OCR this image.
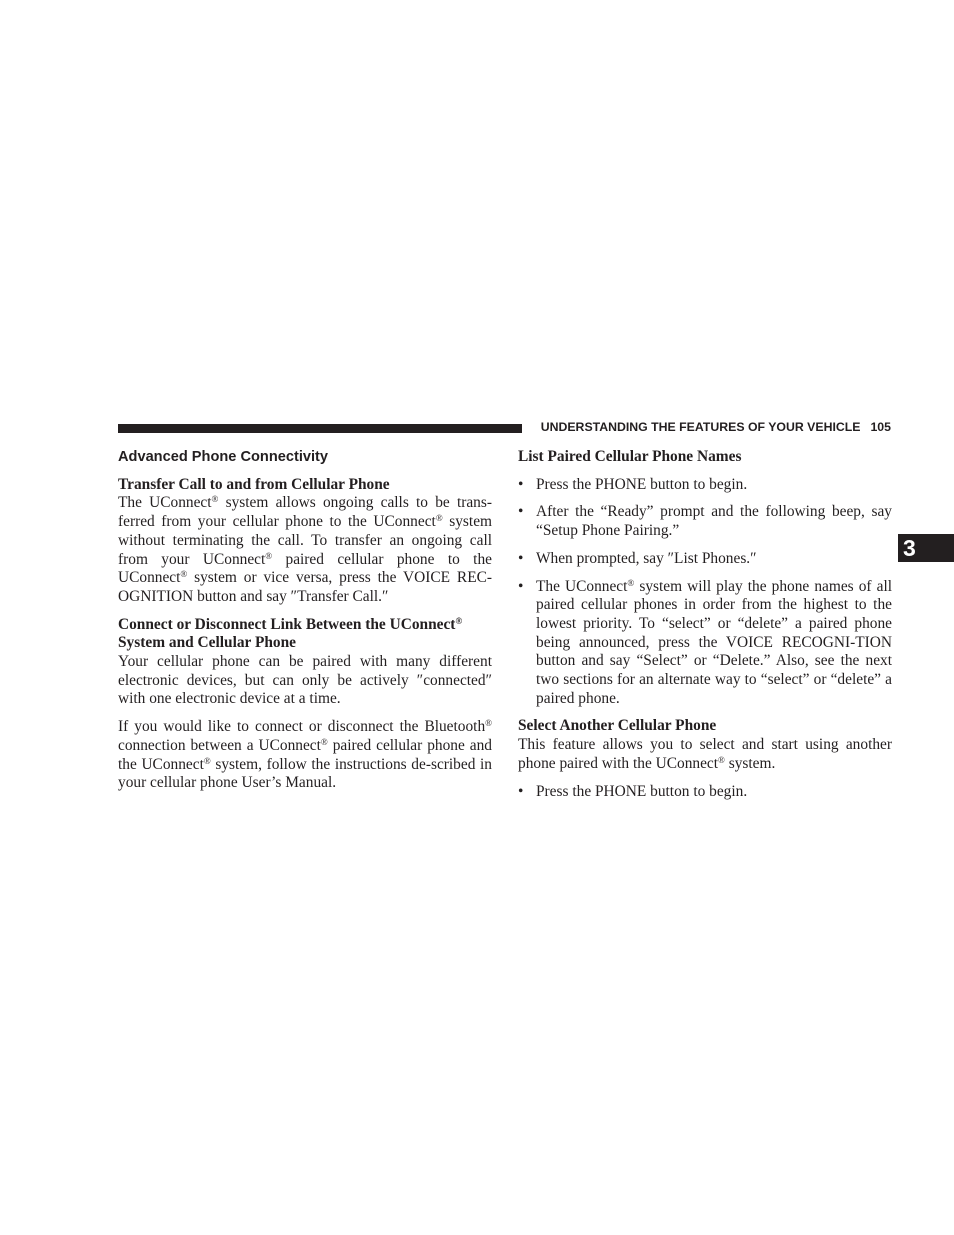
UNDERSTANDING THE FEATURES OF YOUR VEHICLE 105
3
Advanced Phone Connectivity
Transfer Call to and from Cellular Phone

The UConnect® system allows ongoing calls to be trans-ferred from your cellular phone to the UConnect® system without terminating the call. To transfer an ongoing call from your UConnect® paired cellular phone to the UConnect® system or vice versa, press the VOICE REC-OGNITION button and say ″Transfer Call.″

Connect or Disconnect Link Between the UConnect® System and Cellular Phone

Your cellular phone can be paired with many different electronic devices, but can only be actively ″connected″ with one electronic device at a time.

If you would like to connect or disconnect the Bluetooth® connection between a UConnect® paired cellular phone and the UConnect® system, follow the instructions de-scribed in your cellular phone User’s Manual.

List Paired Cellular Phone Names
• Press the PHONE button to begin.
• After the “Ready” prompt and the following beep, say “Setup Phone Pairing.”
• When prompted, say ″List Phones.″
• The UConnect® system will play the phone names of all paired cellular phones in order from the highest to the lowest priority. To “select” or “delete” a paired phone being announced, press the VOICE RECOGNI-TION button and say “Select” or “Delete.” Also, see the next two sections for an alternate way to “select” or “delete” a paired phone.
Select Another Cellular Phone

This feature allows you to select and start using another phone paired with the UConnect® system.

• Press the PHONE button to begin.
